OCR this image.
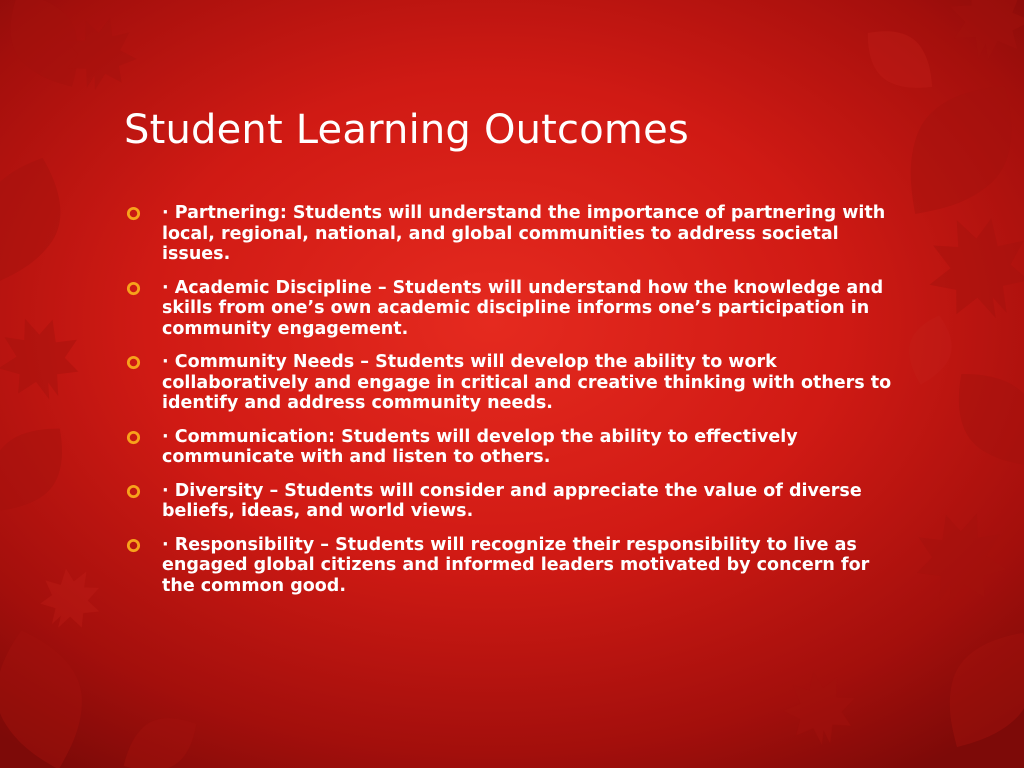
Student Learning Outcomes
· Partnering: Students will understand the importance of partnering with local, regional, national, and global communities to address societal issues.
· Academic Discipline – Students will understand how the knowledge and skills from one’s own academic discipline informs one’s participation in community engagement.
· Community Needs – Students will develop the ability to work collaboratively and engage in critical and creative thinking with others to identify and address community needs.
· Communication: Students will develop the ability to effectively communicate with and listen to others.
· Diversity – Students will consider and appreciate the value of diverse beliefs, ideas, and world views.
· Responsibility – Students will recognize their responsibility to live as engaged global citizens and informed leaders motivated by concern for the common good.
